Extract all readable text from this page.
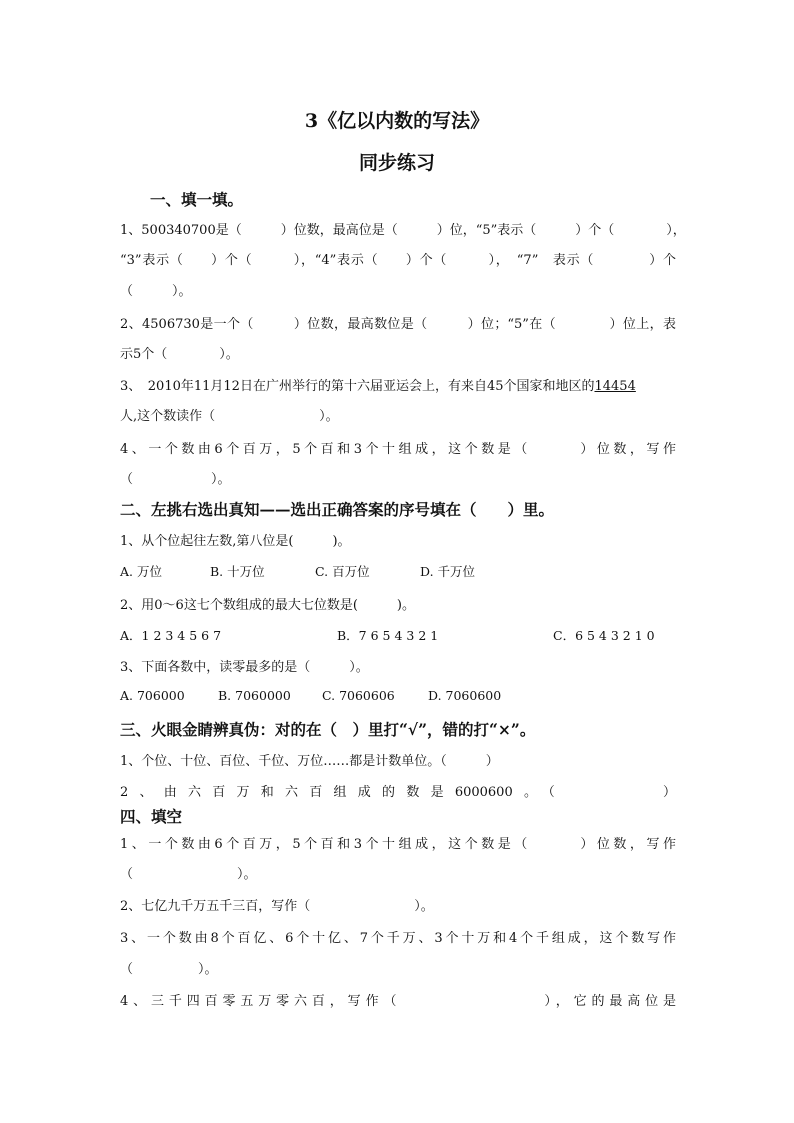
3《亿以内数的写法》
同步练习
一、填一填。
1、500340700是（　　　）位数，最高位是（　　　）位，“5”表示（　　　）个（　　　　），
“3”表示（　　）个（　　　），“4”表示（　　）个（　　　），　“7”　表示（　　　　）个
（　　　）。
2、4506730是一个（　　　）位数，最高数位是（　　　）位；“5”在（　　　　）位上，表
示5个（　　　　）。
3、　2010年11月12日在广州举行的第十六届亚运会上，有来自45个国家和地区的14454
人,这个数读作（　　　　　　　　）。
4、一个数由6个百万，5个百和3个十组成，这个数是（　　　）位数，写作
（　　　　　　）。
二、左挑右选出真知——选出正确答案的序号填在（　　）里。
1、从个位起往左数,第八位是(　　　)。
A. 万位	B. 十万位	C. 百万位	D. 千万位
2、用0～6这七个数组成的最大七位数是(　　　)。
A．1 2 3 4 5 6 7	B．7 6 5 4 3 2 1	C．6 5 4 3 2 1 0
3、下面各数中，读零最多的是（　　　）。
A. 706000	B. 7060000 C. 7060606	D. 7060600
三、火眼金睛辨真伪：对的在（　）里打“√”，错的打“×”。
1、个位、十位、百位、千位、万位……都是计数单位。（　　　）
2、由六百万和六百组成的数是6000600。（　　　　）
四、填空
1、一个数由6个百万，5个百和3个十组成，这个数是（　　　）位数，写作
（　　　　　　　　）。
2、七亿九千万五千三百，写作（　　　　　　　　）。
3、一个数由8个百亿、6个十亿、7个千万、3个十万和4个千组成，这个数写作
（　　　　　）。
4、三千四百零五万零六百，写作（　　　　　　　　），它的最高位是
